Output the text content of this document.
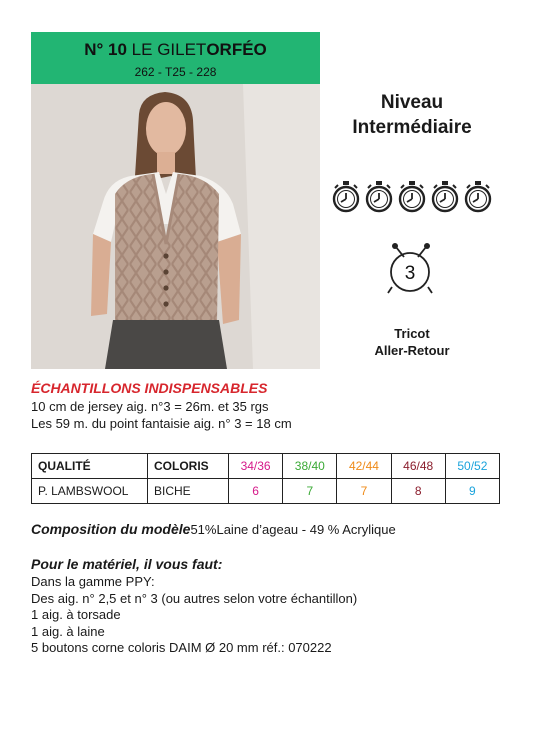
N° 10 LE GILETORFÉO
262 - T25 - 228
Niveau
Intermédiaire
3
Tricot
Aller-Retour
ÉCHANTILLONS INDISPENSABLES
10 cm de jersey aig. n°3 = 26m. et 35 rgs
Les 59 m. du point fantaisie aig. n° 3 = 18 cm
QUALITÉ	COLORIS	34/36	38/40	42/44	46/48	50/52
P. LAMBSWOOL	BICHE	6	7	7	8	9
Composition du modèle51%Laine d’ageau - 49 % Acrylique
Pour le matériel, il vous faut:
Dans la gamme PPY:
Des aig. n° 2,5 et n° 3 (ou autres selon votre échantillon)
1 aig. à torsade
1 aig. à laine
5 boutons corne coloris DAIM Ø 20 mm réf.: 070222
